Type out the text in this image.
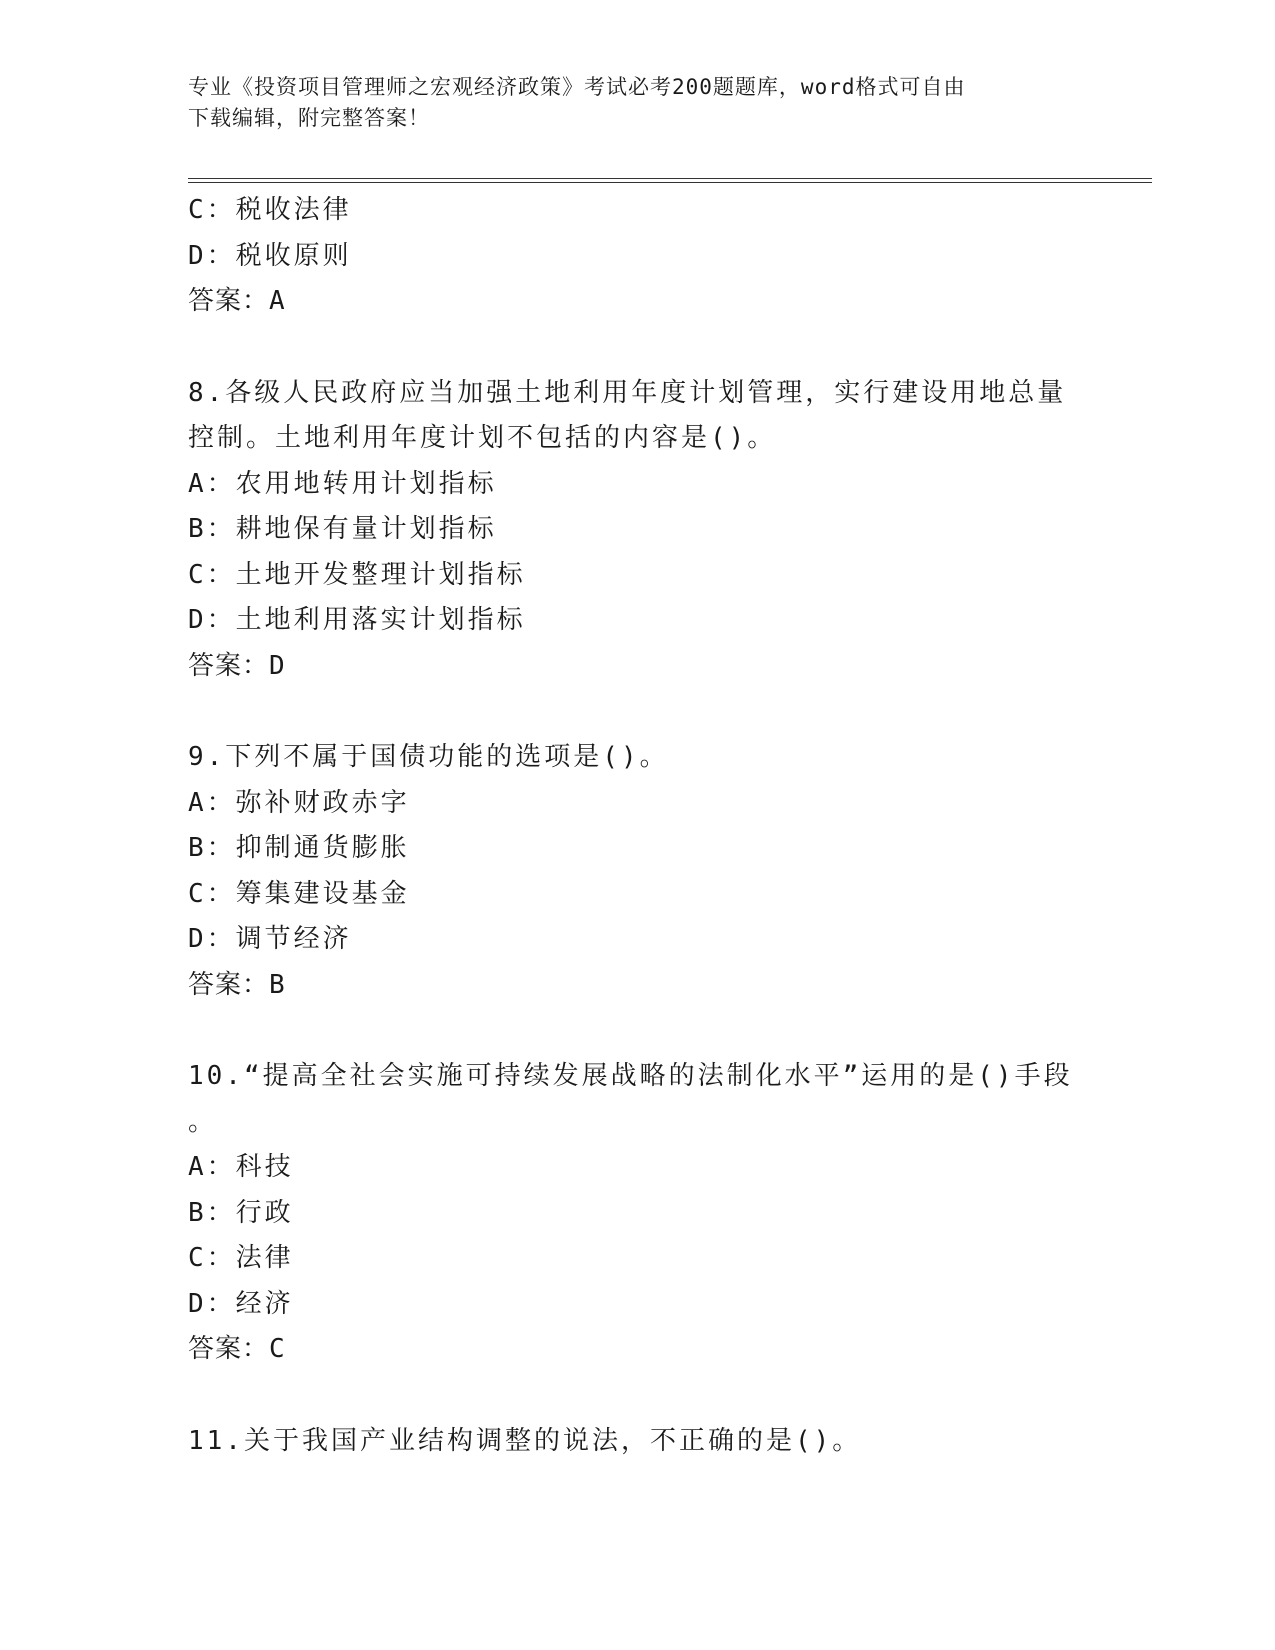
专业《投资项目管理师之宏观经济政策》考试必考200题题库，word格式可自由
下载编辑，附完整答案！
C：税收法律
D：税收原则
答案：A
8.各级人民政府应当加强土地利用年度计划管理，实行建设用地总量
控制。土地利用年度计划不包括的内容是()。
A：农用地转用计划指标
B：耕地保有量计划指标
C：土地开发整理计划指标
D：土地利用落实计划指标
答案：D
9.下列不属于国债功能的选项是()。
A：弥补财政赤字
B：抑制通货膨胀
C：筹集建设基金
D：调节经济
答案：B
10.“提高全社会实施可持续发展战略的法制化水平”运用的是()手段
。
A：科技
B：行政
C：法律
D：经济
答案：C
11.关于我国产业结构调整的说法，不正确的是()。
